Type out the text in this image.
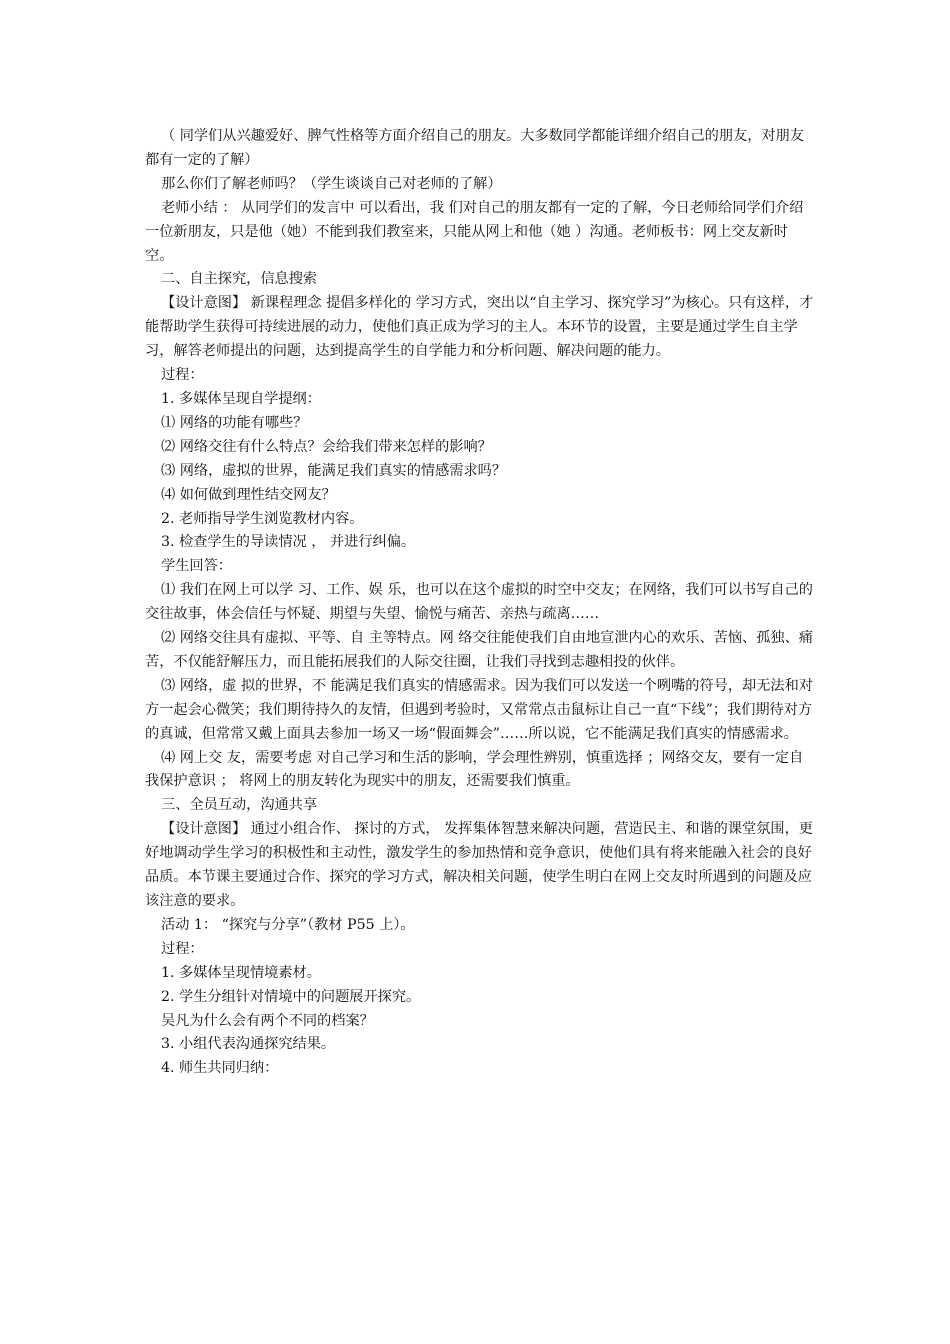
（ 同学们从兴趣爱好、脾气性格等方面介绍自己的朋友。大多数同学都能详细介绍自己的朋友，对朋友都有一定的了解）

那么你们了解老师吗？（学生谈谈自己对老师的了解）

老师小结 ： 从同学们的发言中 可以看出，我 们对自己的朋友都有一定的了解，今日老师给同学们介绍一位新朋友，只是他（她）不能到我们教室来，只能从网上和他（她 ）沟通。老师板书：网上交友新时空。

二、自主探究，信息搜索

【设计意图】 新课程理念 提倡多样化的 学习方式，突出以“自主学习、探究学习”为核心。只有这样，才能帮助学生获得可持续进展的动力，使他们真正成为学习的主人。本环节的设置，主要是通过学生自主学习，解答老师提出的问题，达到提高学生的自学能力和分析问题、解决问题的能力。

过程：

1. 多媒体呈现自学提纲：

⑴ 网络的功能有哪些？

⑵ 网络交往有什么特点？会给我们带来怎样的影响？

⑶ 网络，虚拟的世界，能满足我们真实的情感需求吗？

⑷ 如何做到理性结交网友？

2. 老师指导学生浏览教材内容。

3. 检查学生的导读情况 ， 并进行纠偏。

学生回答：

⑴ 我们在网上可以学 习、工作、娱 乐，也可以在这个虚拟的时空中交友；在网络，我们可以书写自己的交往故事，体会信任与怀疑、期望与失望、愉悦与痛苦、亲热与疏离……

⑵ 网络交往具有虚拟、平等、自 主等特点。网 络交往能使我们自由地宣泄内心的欢乐、苦恼、孤独、痛苦，不仅能舒解压力，而且能拓展我们的人际交往圈，让我们寻找到志趣相投的伙伴。

⑶ 网络，虚 拟的世界，不 能满足我们真实的情感需求。因为我们可以发送一个咧嘴的符号，却无法和对方一起会心微笑；我们期待持久的友情，但遇到考验时，又常常点击鼠标让自己一直“下线”；我们期待对方的真诚，但常常又戴上面具去参加一场又一场“假面舞会”……所以说，它不能满足我们真实的情感需求。

⑷ 网上交 友，需要考虑 对自己学习和生活的影响，学会理性辨别，慎重选择 ；网络交友，要有一定自我保护意识 ； 将网上的朋友转化为现实中的朋友，还需要我们慎重。

三、全员互动，沟通共享

【设计意图】 通过小组合作、 探讨的方式， 发挥集体智慧来解决问题，营造民主、和谐的课堂氛围，更好地调动学生学习的积极性和主动性，激发学生的参加热情和竞争意识，使他们具有将来能融入社会的良好品质。本节课主要通过合作、探究的学习方式，解决相关问题，使学生明白在网上交友时所遇到的问题及应该注意的要求。

活动 1： “探究与分享”（教材 P55 上）。

过程：

1. 多媒体呈现情境素材。

2. 学生分组针对情境中的问题展开探究。

吴凡为什么会有两个不同的档案？

3. 小组代表沟通探究结果。

4. 师生共同归纳：
